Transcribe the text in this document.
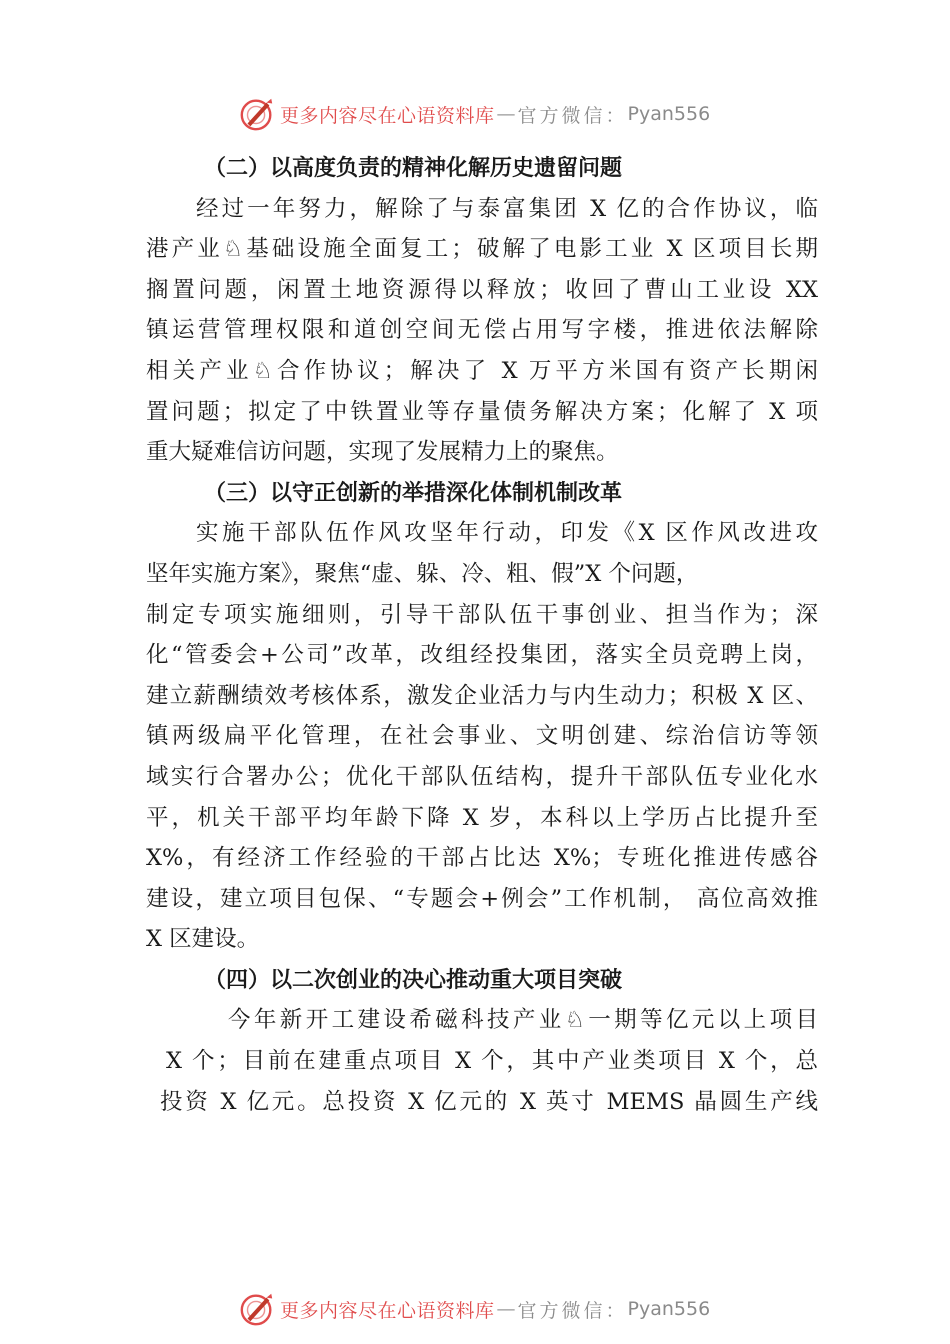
更多内容尽在心语资料库 — 官方微信： Pyan556
（二）以高度负责的精神化解历史遗留问题
经过一年努力，解除了与泰富集团 X 亿的合作协议，临
港产业♘基础设施全面复工；破解了电影工业 X 区项目长期
搁置问题，闲置土地资源得以释放；收回了曹山工业设 XX
镇运营管理权限和道创空间无偿占用写字楼，推进依法解除
相关产业♘合作协议；解决了 X 万平方米国有资产长期闲
置问题；拟定了中铁置业等存量债务解决方案；化解了 X 项
重大疑难信访问题，实现了发展精力上的聚焦。
（三）以守正创新的举措深化体制机制改革
实施干部队伍作风攻坚年行动，印发《X 区作风改进攻
坚年实施方案》，聚焦“虚、躲、冷、粗、假”X 个问题，
制定专项实施细则，引导干部队伍干事创业、担当作为；深
化“管委会+公司”改革，改组经投集团，落实全员竞聘上岗，
建立薪酬绩效考核体系，激发企业活力与内生动力；积极 X 区、
镇两级扁平化管理，在社会事业、文明创建、综治信访等领
域实行合署办公；优化干部队伍结构，提升干部队伍专业化水
平，机关干部平均年龄下降 X 岁，本科以上学历占比提升至
X%，有经济工作经验的干部占比达 X%；专班化推进传感谷
建设，建立项目包保、“专题会+例会”工作机制， 高位高效推
X 区建设。
（四）以二次创业的决心推动重大项目突破
今年新开工建设希磁科技产业♘一期等亿元以上项目
X 个；目前在建重点项目 X 个，其中产业类项目 X 个，总
投资 X 亿元。总投资 X 亿元的 X 英寸 MEMS 晶圆生产线
更多内容尽在心语资料库 — 官方微信： Pyan556
